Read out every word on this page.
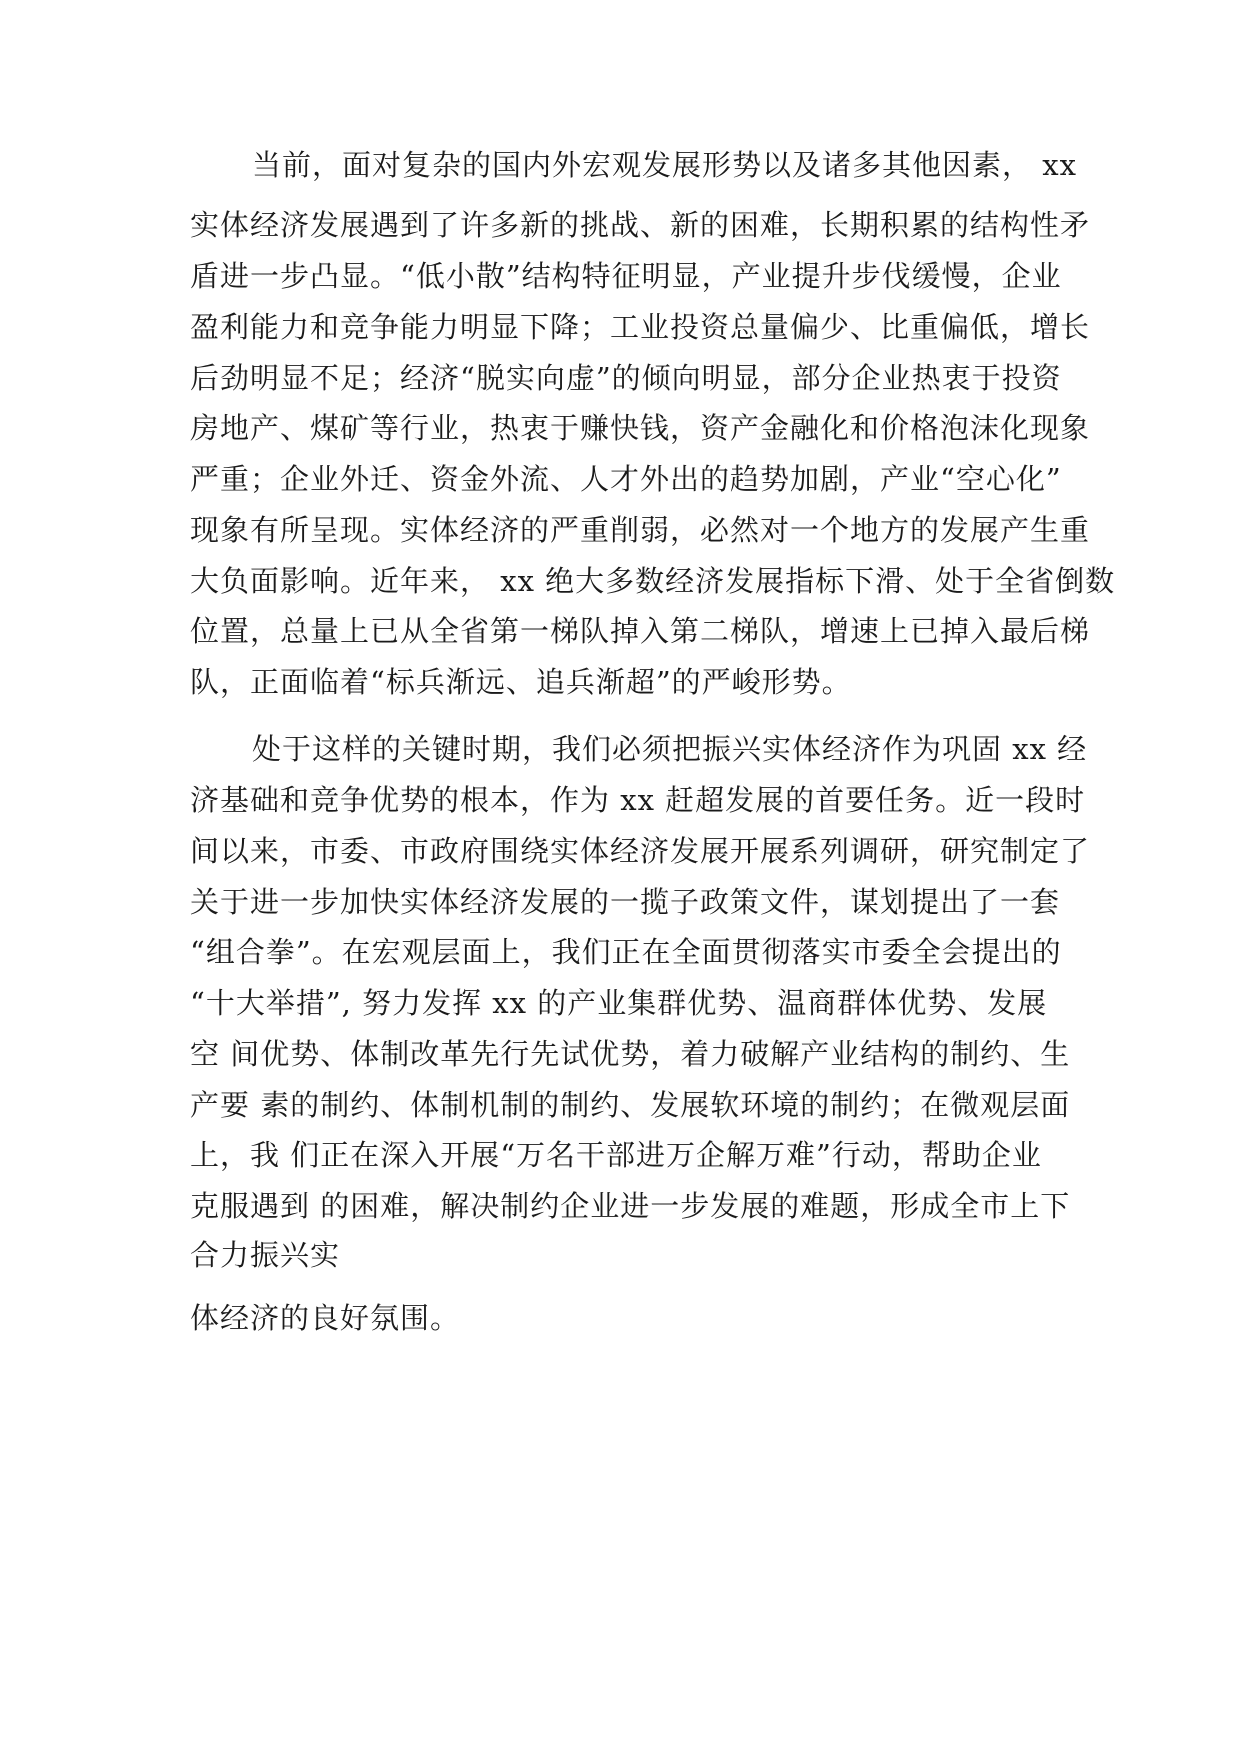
当前，面对复杂的国内外宏观发展形势以及诸多其他因素， xx
实体经济发展遇到了许多新的挑战、新的困难，长期积累的结构性矛
盾进一步凸显。“低小散”结构特征明显，产业提升步伐缓慢，企业
盈利能力和竞争能力明显下降；工业投资总量偏少、比重偏低，增长
后劲明显不足；经济“脱实向虚”的倾向明显，部分企业热衷于投资
房地产、煤矿等行业，热衷于赚快钱，资产金融化和价格泡沫化现象
严重；企业外迁、资金外流、人才外出的趋势加剧，产业“空心化”
现象有所呈现。实体经济的严重削弱，必然对一个地方的发展产生重
大负面影响。近年来， xx 绝大多数经济发展指标下滑、处于全省倒数
位置，总量上已从全省第一梯队掉入第二梯队，增速上已掉入最后梯
队，正面临着“标兵渐远、追兵渐超”的严峻形势。
处于这样的关键时期，我们必须把振兴实体经济作为巩固 xx 经
济基础和竞争优势的根本，作为 xx 赶超发展的首要任务。近一段时
间以来，市委、市政府围绕实体经济发展开展系列调研，研究制定了
关于进一步加快实体经济发展的一揽子政策文件，谋划提出了一套
“组合拳”。在宏观层面上，我们正在全面贯彻落实市委全会提出的
“十大举措”, 努力发挥 xx 的产业集群优势、温商群体优势、发展
空 间优势、体制改革先行先试优势，着力破解产业结构的制约、生
产要 素的制约、体制机制的制约、发展软环境的制约；在微观层面
上，我 们正在深入开展“万名干部进万企解万难”行动，帮助企业
克服遇到 的困难，解决制约企业进一步发展的难题，形成全市上下
合力振兴实
体经济的良好氛围。
